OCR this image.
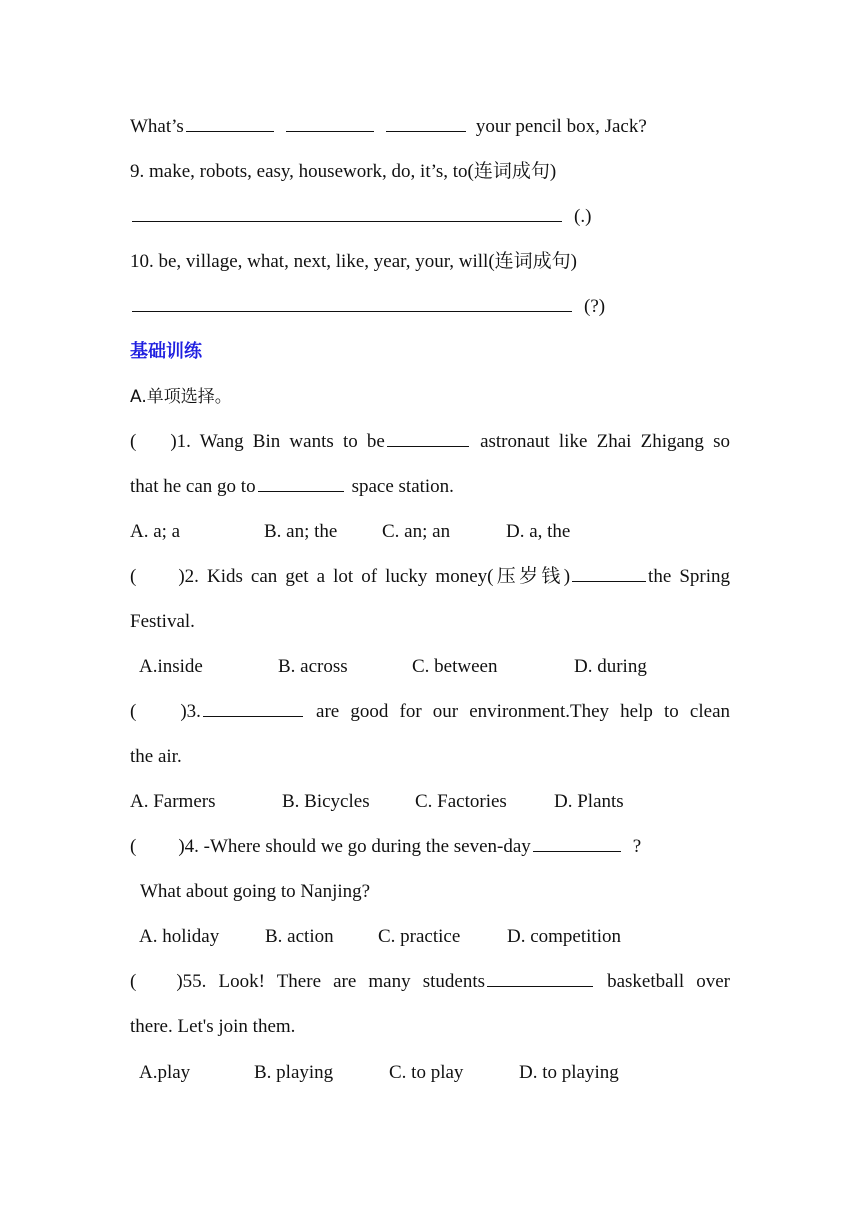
What’s	your pencil box, Jack?
9. make, robots, easy, housework, do, it’s, to(连词成句)
(.)
10. be, village, what, next, like, year, your, will(连词成句)
(?)
基础训练
A.单项选择。
( )1. Wang Bin wants to be	astronaut like Zhai Zhigang so
that he can go to	space station.
A. a; a	B. an; the C. an; an	D. a, the
( )2. Kids can get a lot of lucky money(压岁钱)	the Spring
Festival.
A.inside	B. across	C. between	D. during
( )3.	are good for our environment.They help to clean
the air.
A. Farmers	B. Bicycles C. Factories D. Plants
( )4. -Where should we go during the seven-day	?
What about going to Nanjing?
A. holiday B. action C. practice D. competition
( )55. Look! There are many students	basketball over
there. Let's join them.
A.play	B. playing	C. to play	D. to playing
